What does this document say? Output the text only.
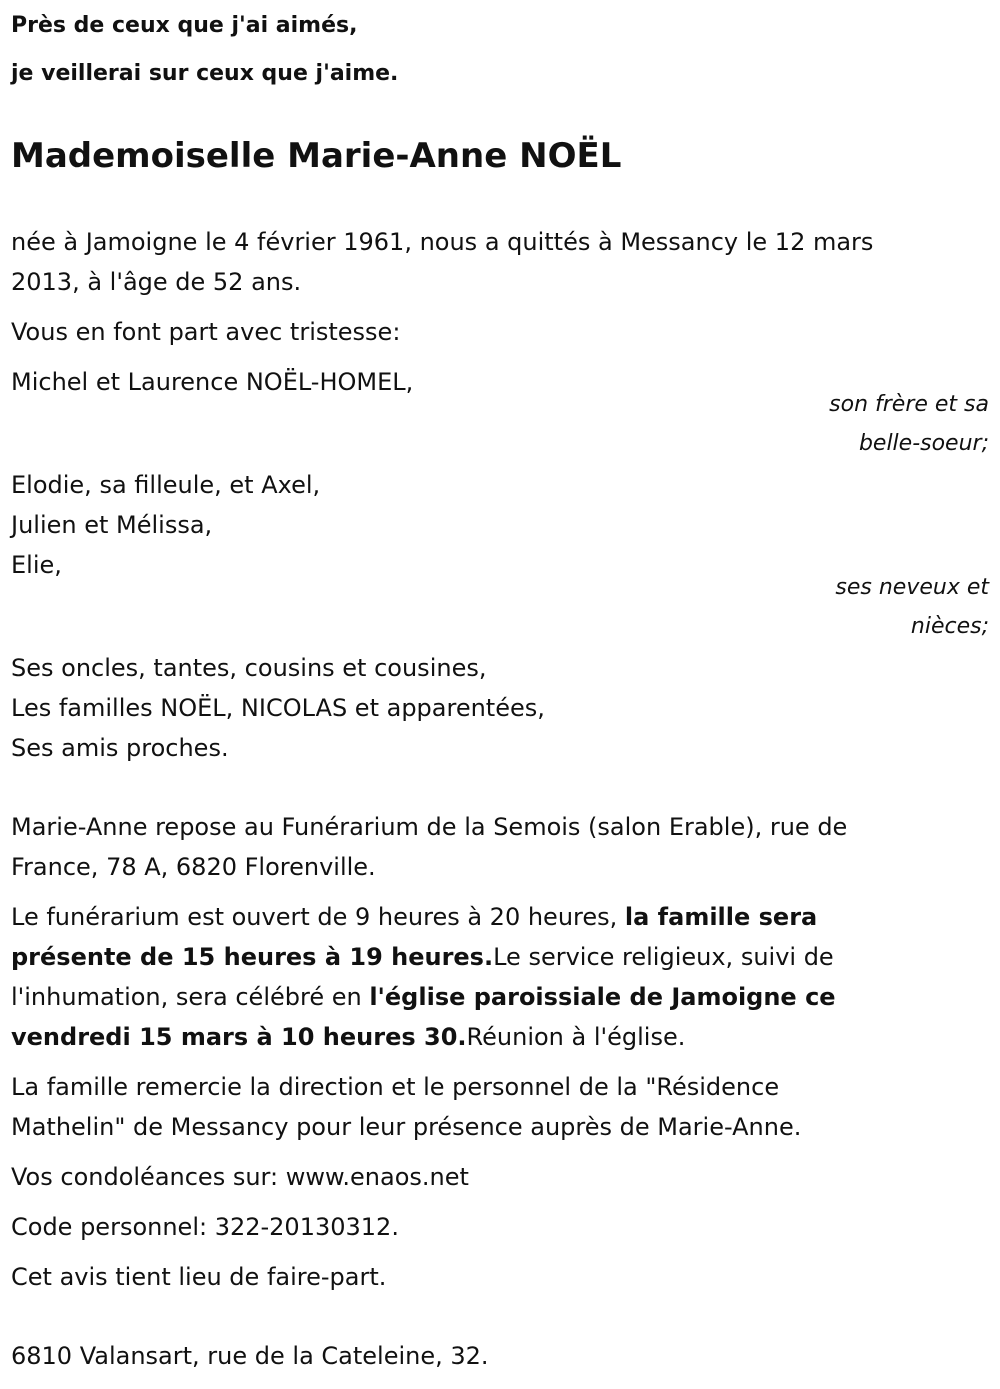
Près de ceux que j'ai aimés,

je veillerai sur ceux que j'aime.

Mademoiselle Marie-Anne NOËL

née à Jamoigne le 4 février 1961, nous a quittés à Messancy le 12 mars

2013, à l'âge de 52 ans.

Vous en font part avec tristesse:

Michel et Laurence NOËL-HOMEL,

son frère et sa

belle-soeur;

Elodie, sa filleule, et Axel,

Julien et Mélissa,

Elie,

ses neveux et

nièces;

Ses oncles, tantes, cousins et cousines,

Les familles NOËL, NICOLAS et apparentées,

Ses amis proches.

Marie-Anne repose au Funérarium de la Semois (salon Erable), rue de

France, 78 A, 6820 Florenville.

Le funérarium est ouvert de 9 heures à 20 heures, la famille sera

présente de 15 heures à 19 heures.Le service religieux, suivi de

l'inhumation, sera célébré en l'église paroissiale de Jamoigne ce

vendredi 15 mars à 10 heures 30.Réunion à l'église.

La famille remercie la direction et le personnel de la "Résidence

Mathelin" de Messancy pour leur présence auprès de Marie-Anne.

Vos condoléances sur: www.enaos.net

Code personnel: 322-20130312.

Cet avis tient lieu de faire-part.

6810 Valansart, rue de la Cateleine, 32.
